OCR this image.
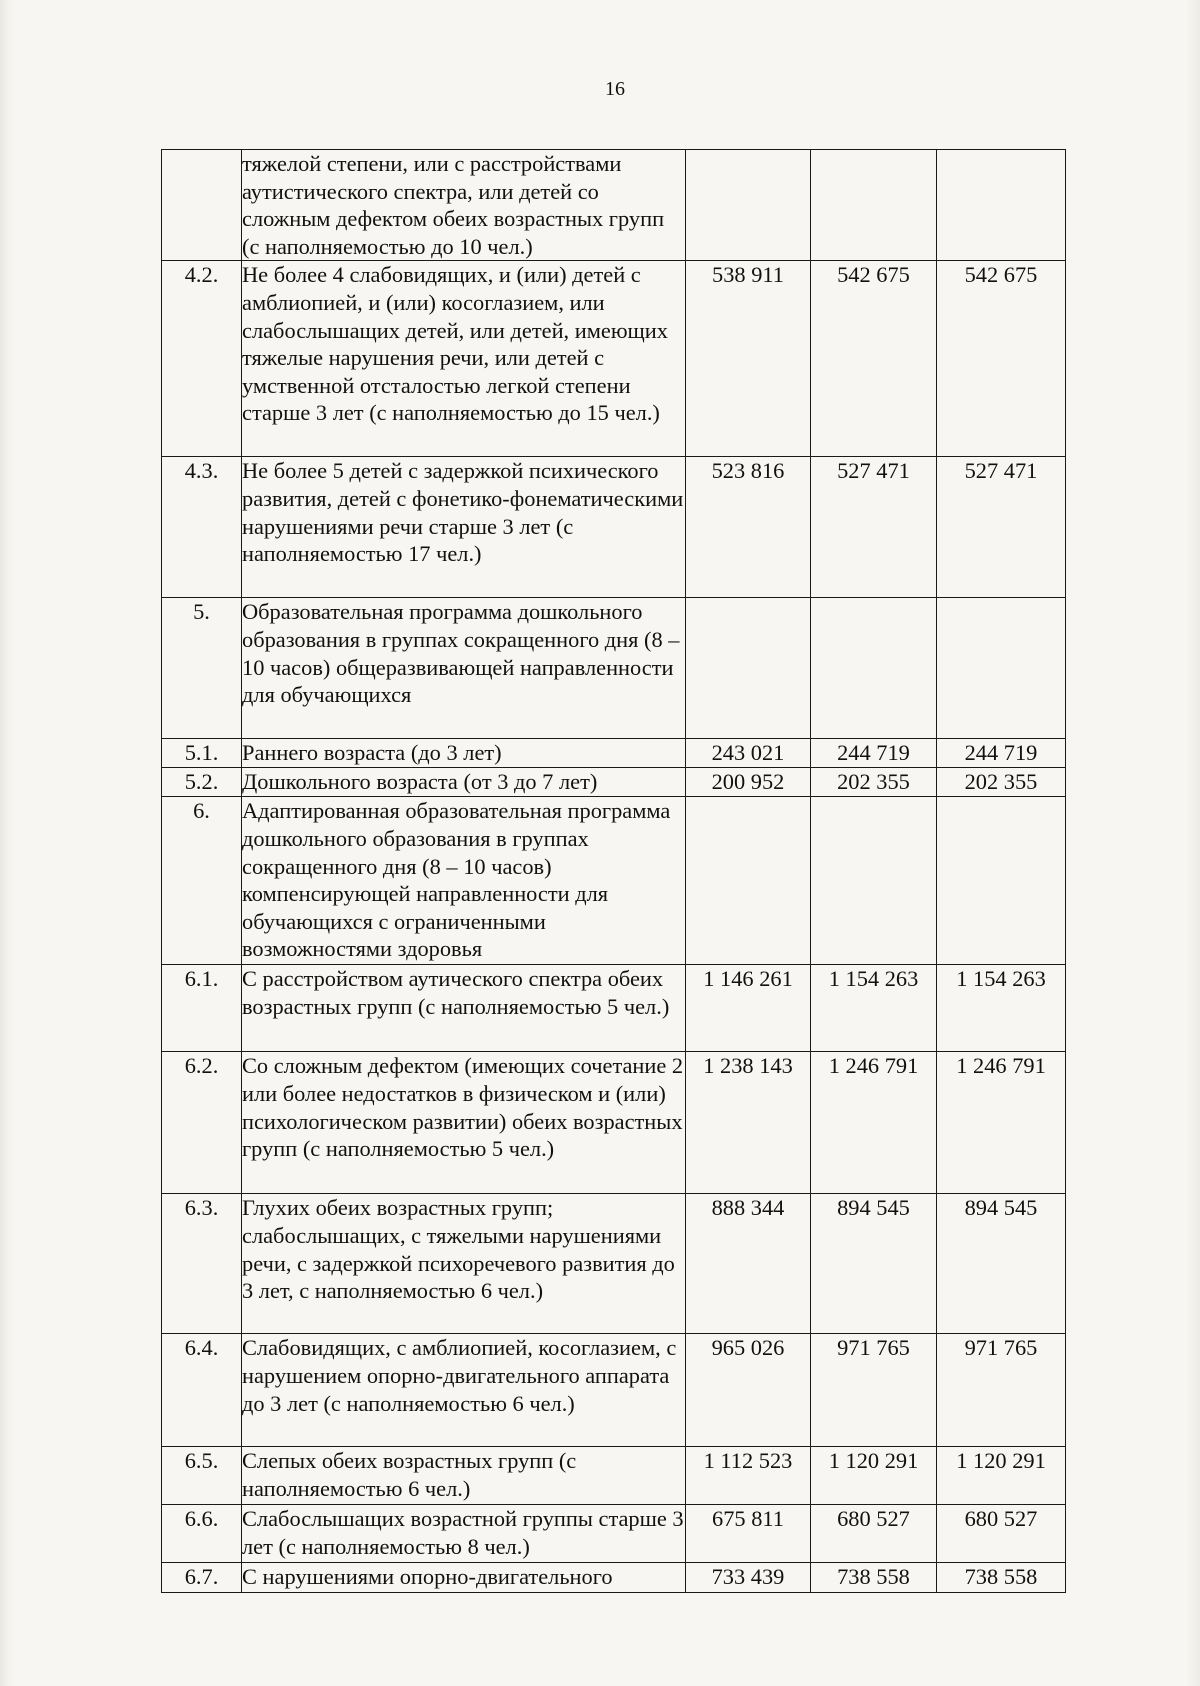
16

	тяжелой степени, или с расстройствами аутистического спектра, или детей со сложным дефектом обеих возрастных групп (с наполняемостью до 10 чел.)			

4.2.	Не более 4 слабовидящих, и (или) детей с амблиопией, и (или) косоглазием, или слабослышащих детей, или детей, имеющих тяжелые нарушения речи, или детей с умственной отсталостью легкой степени старше 3 лет (с наполняемостью до 15 чел.)	538 911	542 675	542 675
4.3.	Не более 5 детей с задержкой психического развития, детей с фонетико-фонематическими нарушениями речи старше 3 лет (с наполняемостью 17 чел.)	523 816	527 471	527 471
5.	Образовательная программа дошкольного образования в группах сокращенного дня (8 – 10 часов) общеразвивающей направленности для обучающихся			

5.1.	Раннего возраста (до 3 лет)	243 021	244 719	244 719
5.2.	Дошкольного возраста (от 3 до 7 лет)	200 952	202 355	202 355
6.	Адаптированная образовательная программа дошкольного образования в группах сокращенного дня (8 – 10 часов) компенсирующей направленности для обучающихся с ограниченными возможностями здоровья			

6.1.	С расстройством аутического спектра обеих возрастных групп (с наполняемостью 5 чел.)	1 146 261	1 154 263	1 154 263
6.2.	Со сложным дефектом (имеющих сочетание 2 или более недостатков в физическом и (или) психологическом развитии) обеих возрастных групп (с наполняемостью 5 чел.)	1 238 143	1 246 791	1 246 791
6.3.	Глухих обеих возрастных групп; слабослышащих, с тяжелыми нарушениями речи, с задержкой психоречевого развития до 3 лет, с наполняемостью 6 чел.)	888 344	894 545	894 545
6.4.	Слабовидящих, с амблиопией, косоглазием, с нарушением опорно-двигательного аппарата до 3 лет (с наполняемостью 6 чел.)	965 026	971 765	971 765
6.5.	Слепых обеих возрастных групп (с наполняемостью 6 чел.)	1 112 523	1 120 291	1 120 291
6.6.	Слабослышащих возрастной группы старше 3 лет (с наполняемостью 8 чел.)	675 811	680 527	680 527
6.7.	С нарушениями опорно-двигательного	733 439	738 558	738 558
